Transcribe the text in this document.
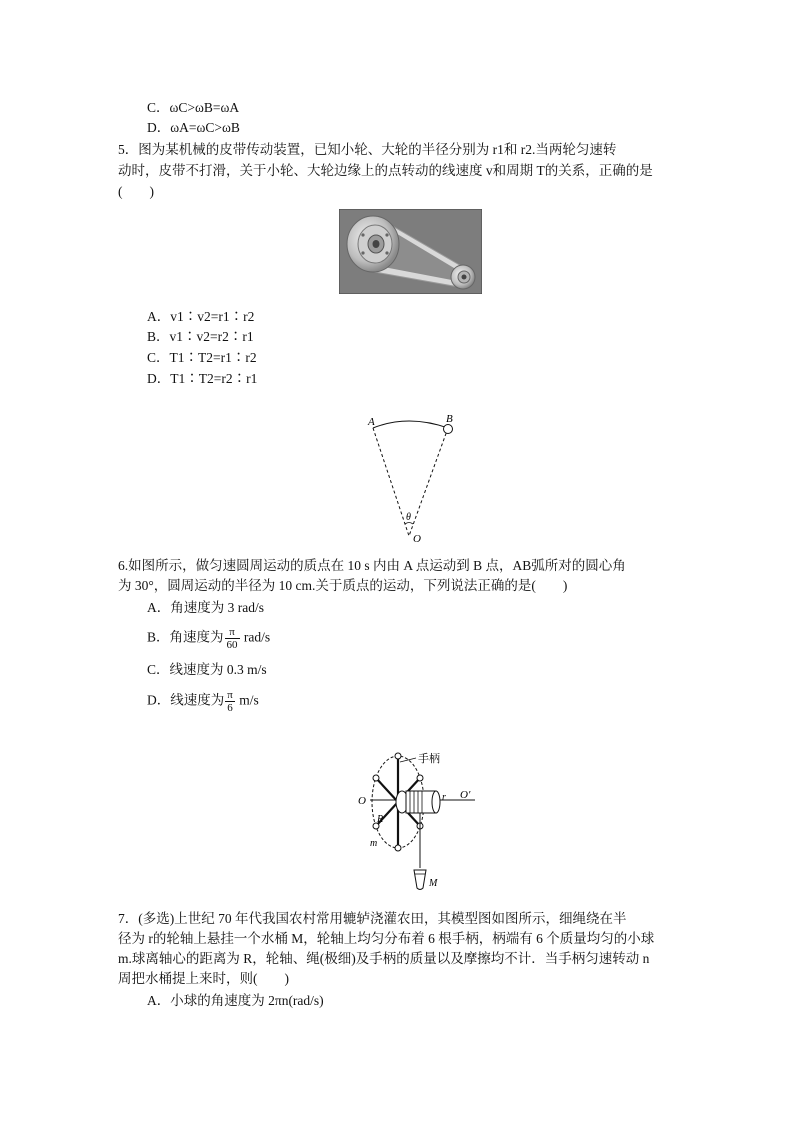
C．ωC>ωB=ωA
D．ωA=ωC>ωB
5．图为某机械的皮带传动装置，已知小轮、大轮的半径分别为 r1和 r2.当两轮匀速转
动时，皮带不打滑，关于小轮、大轮边缘上的点转动的线速度 v和周期 T的关系，正确的是
(　　)
A．v1∶v2=r1∶r2
B．v1∶v2=r2∶r1
C．T1∶T2=r1∶r2
D．T1∶T2=r2∶r1
A	B
θ
O
6.如图所示，做匀速圆周运动的质点在 10 s 内由 A 点运动到 B 点，AB弧所对的圆心角
为 30°，圆周运动的半径为 10 cm.关于质点的运动，下列说法正确的是(　　)
A．角速度为 3 rad/s
B．角速度为 $\frac{\pi}{60} rad/s$
C．线速度为 0.3 m/s
D．线速度为 $\frac{\pi}{6} m/s$
手柄
O	O′
r
R
m
M
7．(多选)上世纪 70 年代我国农村常用辘轳浇灌农田，其模型图如图所示，细绳绕在半
径为 r的轮轴上悬挂一个水桶 M，轮轴上均匀分布着 6 根手柄，柄端有 6 个质量均匀的小球
m.球离轴心的距离为 R，轮轴、绳(极细)及手柄的质量以及摩擦均不计．当手柄匀速转动 n
周把水桶提上来时，则(　　)
A．小球的角速度为 2πn(rad/s)
